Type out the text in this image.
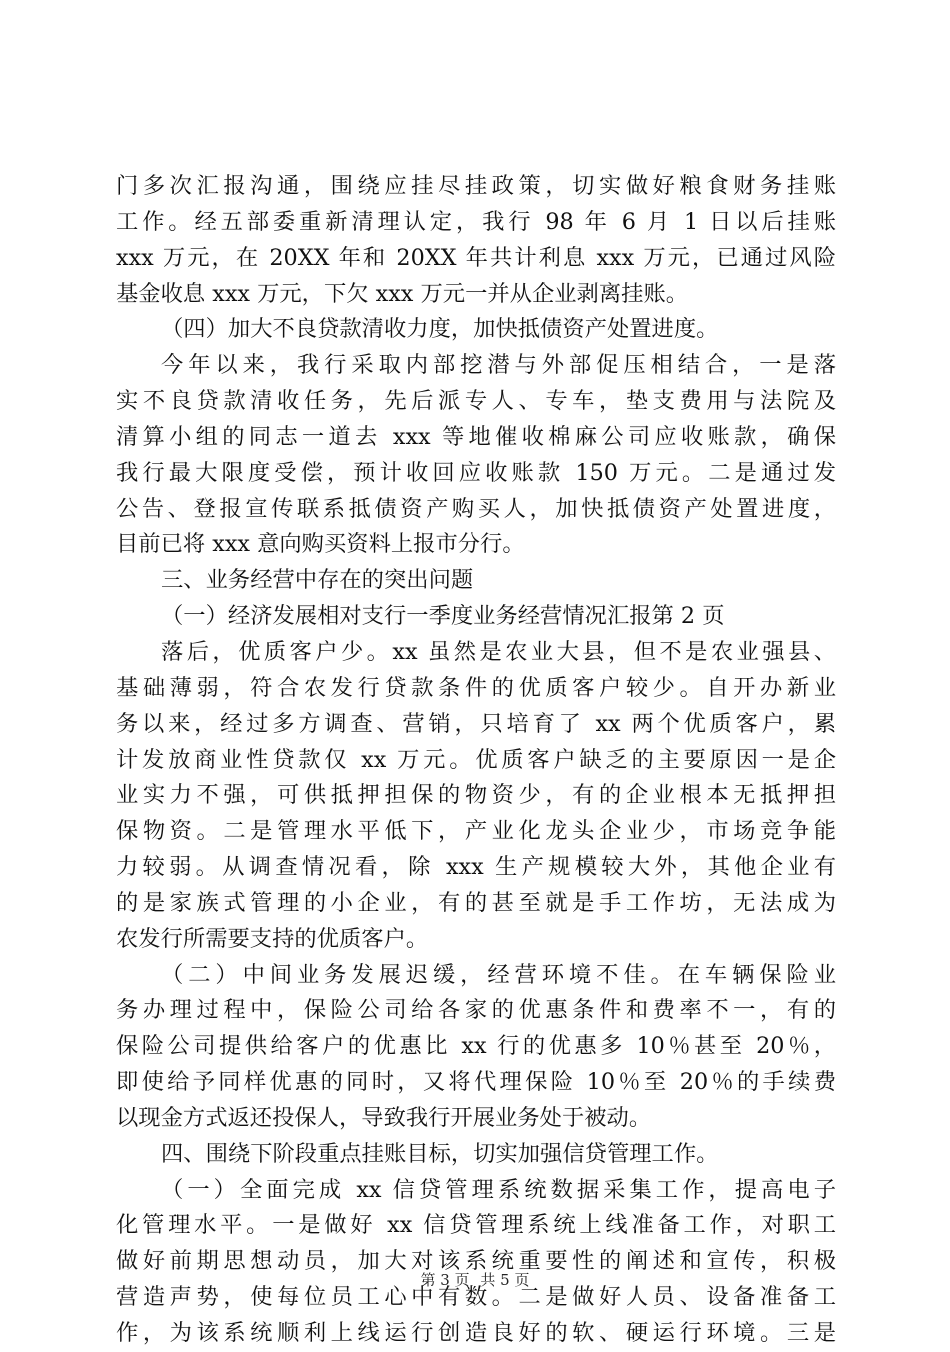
门多次汇报沟通，围绕应挂尽挂政策，切实做好粮食财务挂账
工作。经五部委重新清理认定，我行 98 年 6 月 1 日以后挂账
xxx 万元，在 20XX 年和 20XX 年共计利息 xxx 万元，已通过风险
基金收息 xxx 万元，下欠 xxx 万元一并从企业剥离挂账。
（四）加大不良贷款清收力度，加快抵债资产处置进度。
今年以来，我行采取内部挖潜与外部促压相结合，一是落
实不良贷款清收任务，先后派专人、专车，垫支费用与法院及
清算小组的同志一道去 xxx 等地催收棉麻公司应收账款，确保
我行最大限度受偿，预计收回应收账款 150 万元。二是通过发
公告、登报宣传联系抵债资产购买人，加快抵债资产处置进度，
目前已将 xxx 意向购买资料上报市分行。
三、业务经营中存在的突出问题
（一）经济发展相对支行一季度业务经营情况汇报第 2 页
落后，优质客户少。xx 虽然是农业大县，但不是农业强县、
基础薄弱，符合农发行贷款条件的优质客户较少。自开办新业
务以来，经过多方调查、营销，只培育了 xx 两个优质客户，累
计发放商业性贷款仅 xx 万元。优质客户缺乏的主要原因一是企
业实力不强，可供抵押担保的物资少，有的企业根本无抵押担
保物资。二是管理水平低下，产业化龙头企业少，市场竞争能
力较弱。从调查情况看，除 xxx 生产规模较大外，其他企业有
的是家族式管理的小企业，有的甚至就是手工作坊，无法成为
农发行所需要支持的优质客户。
（二）中间业务发展迟缓，经营环境不佳。在车辆保险业
务办理过程中，保险公司给各家的优惠条件和费率不一，有的
保险公司提供给客户的优惠比 xx 行的优惠多 10％甚至 20％，
即使给予同样优惠的同时，又将代理保险 10％至 20％的手续费
以现金方式返还投保人，导致我行开展业务处于被动。
四、围绕下阶段重点挂账目标，切实加强信贷管理工作。
（一）全面完成 xx 信贷管理系统数据采集工作，提高电子
化管理水平。一是做好 xx 信贷管理系统上线准备工作，对职工
做好前期思想动员，加大对该系统重要性的阐述和宣传，积极
营造声势，使每位员工心中有数。二是做好人员、设备准备工
作，为该系统顺利上线运行创造良好的软、硬运行环境。三是
第 3 页 共 5 页
